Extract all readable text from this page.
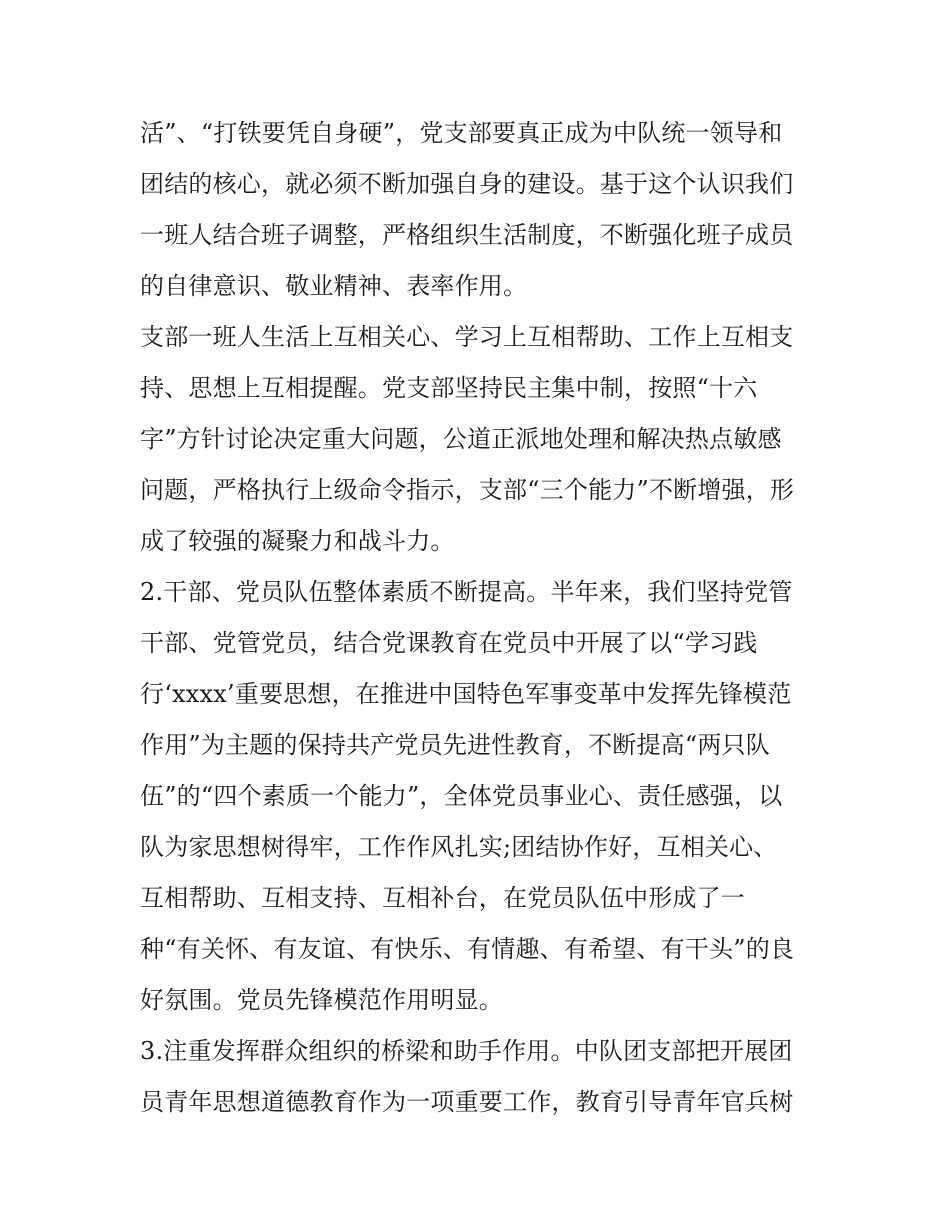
活”、“打铁要凭自身硬”，党支部要真正成为中队统一领导和
团结的核心，就必须不断加强自身的建设。基于这个认识我们
一班人结合班子调整，严格组织生活制度，不断强化班子成员
的自律意识、敬业精神、表率作用。
支部一班人生活上互相关心、学习上互相帮助、工作上互相支
持、思想上互相提醒。党支部坚持民主集中制，按照“十六
字”方针讨论决定重大问题，公道正派地处理和解决热点敏感
问题，严格执行上级命令指示，支部“三个能力”不断增强，形
成了较强的凝聚力和战斗力。
2.干部、党员队伍整体素质不断提高。半年来，我们坚持党管
干部、党管党员，结合党课教育在党员中开展了以“学习践
行‘xxxx’重要思想，在推进中国特色军事变革中发挥先锋模范
作用”为主题的保持共产党员先进性教育，不断提高“两只队
伍”的“四个素质一个能力”，全体党员事业心、责任感强，以
队为家思想树得牢，工作作风扎实;团结协作好，互相关心、
互相帮助、互相支持、互相补台，在党员队伍中形成了一
种“有关怀、有友谊、有快乐、有情趣、有希望、有干头”的良
好氛围。党员先锋模范作用明显。
3.注重发挥群众组织的桥梁和助手作用。中队团支部把开展团
员青年思想道德教育作为一项重要工作，教育引导青年官兵树
